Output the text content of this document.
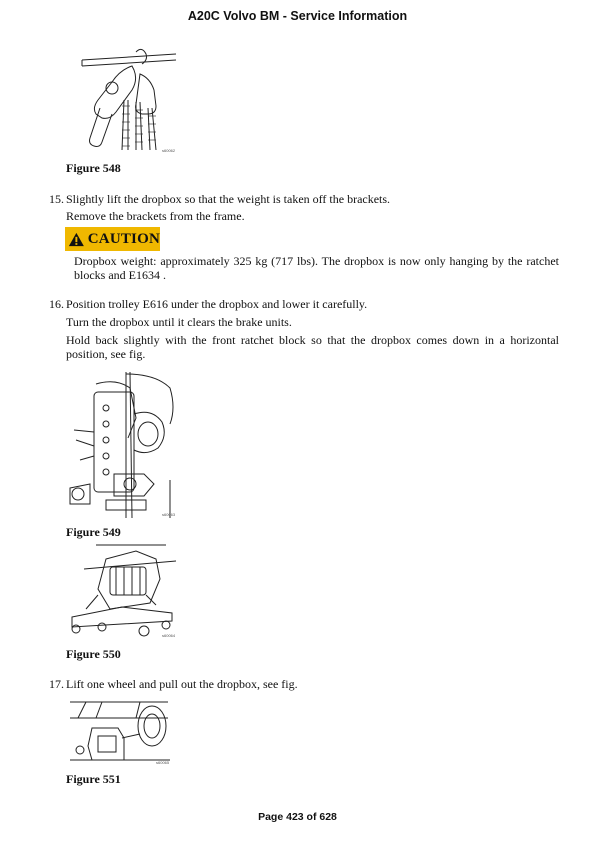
A20C Volvo BM - Service Information
s60062
Figure 548
15. Slightly lift the dropbox so that the weight is taken off the brackets.
Remove the brackets from the frame.
CAUTION
Dropbox weight: approximately 325 kg (717 lbs). The dropbox is now only hanging by the ratchet blocks and E1634 .
16. Position trolley E616 under the dropbox and lower it carefully.
Turn the dropbox until it clears the brake units.
Hold back slightly with the front ratchet block so that the dropbox comes down in a horizontal position, see fig.
s60063
Figure 549
s60064
Figure 550
17. Lift one wheel and pull out the dropbox, see fig.
s60065
Figure 551
Page 423 of 628
